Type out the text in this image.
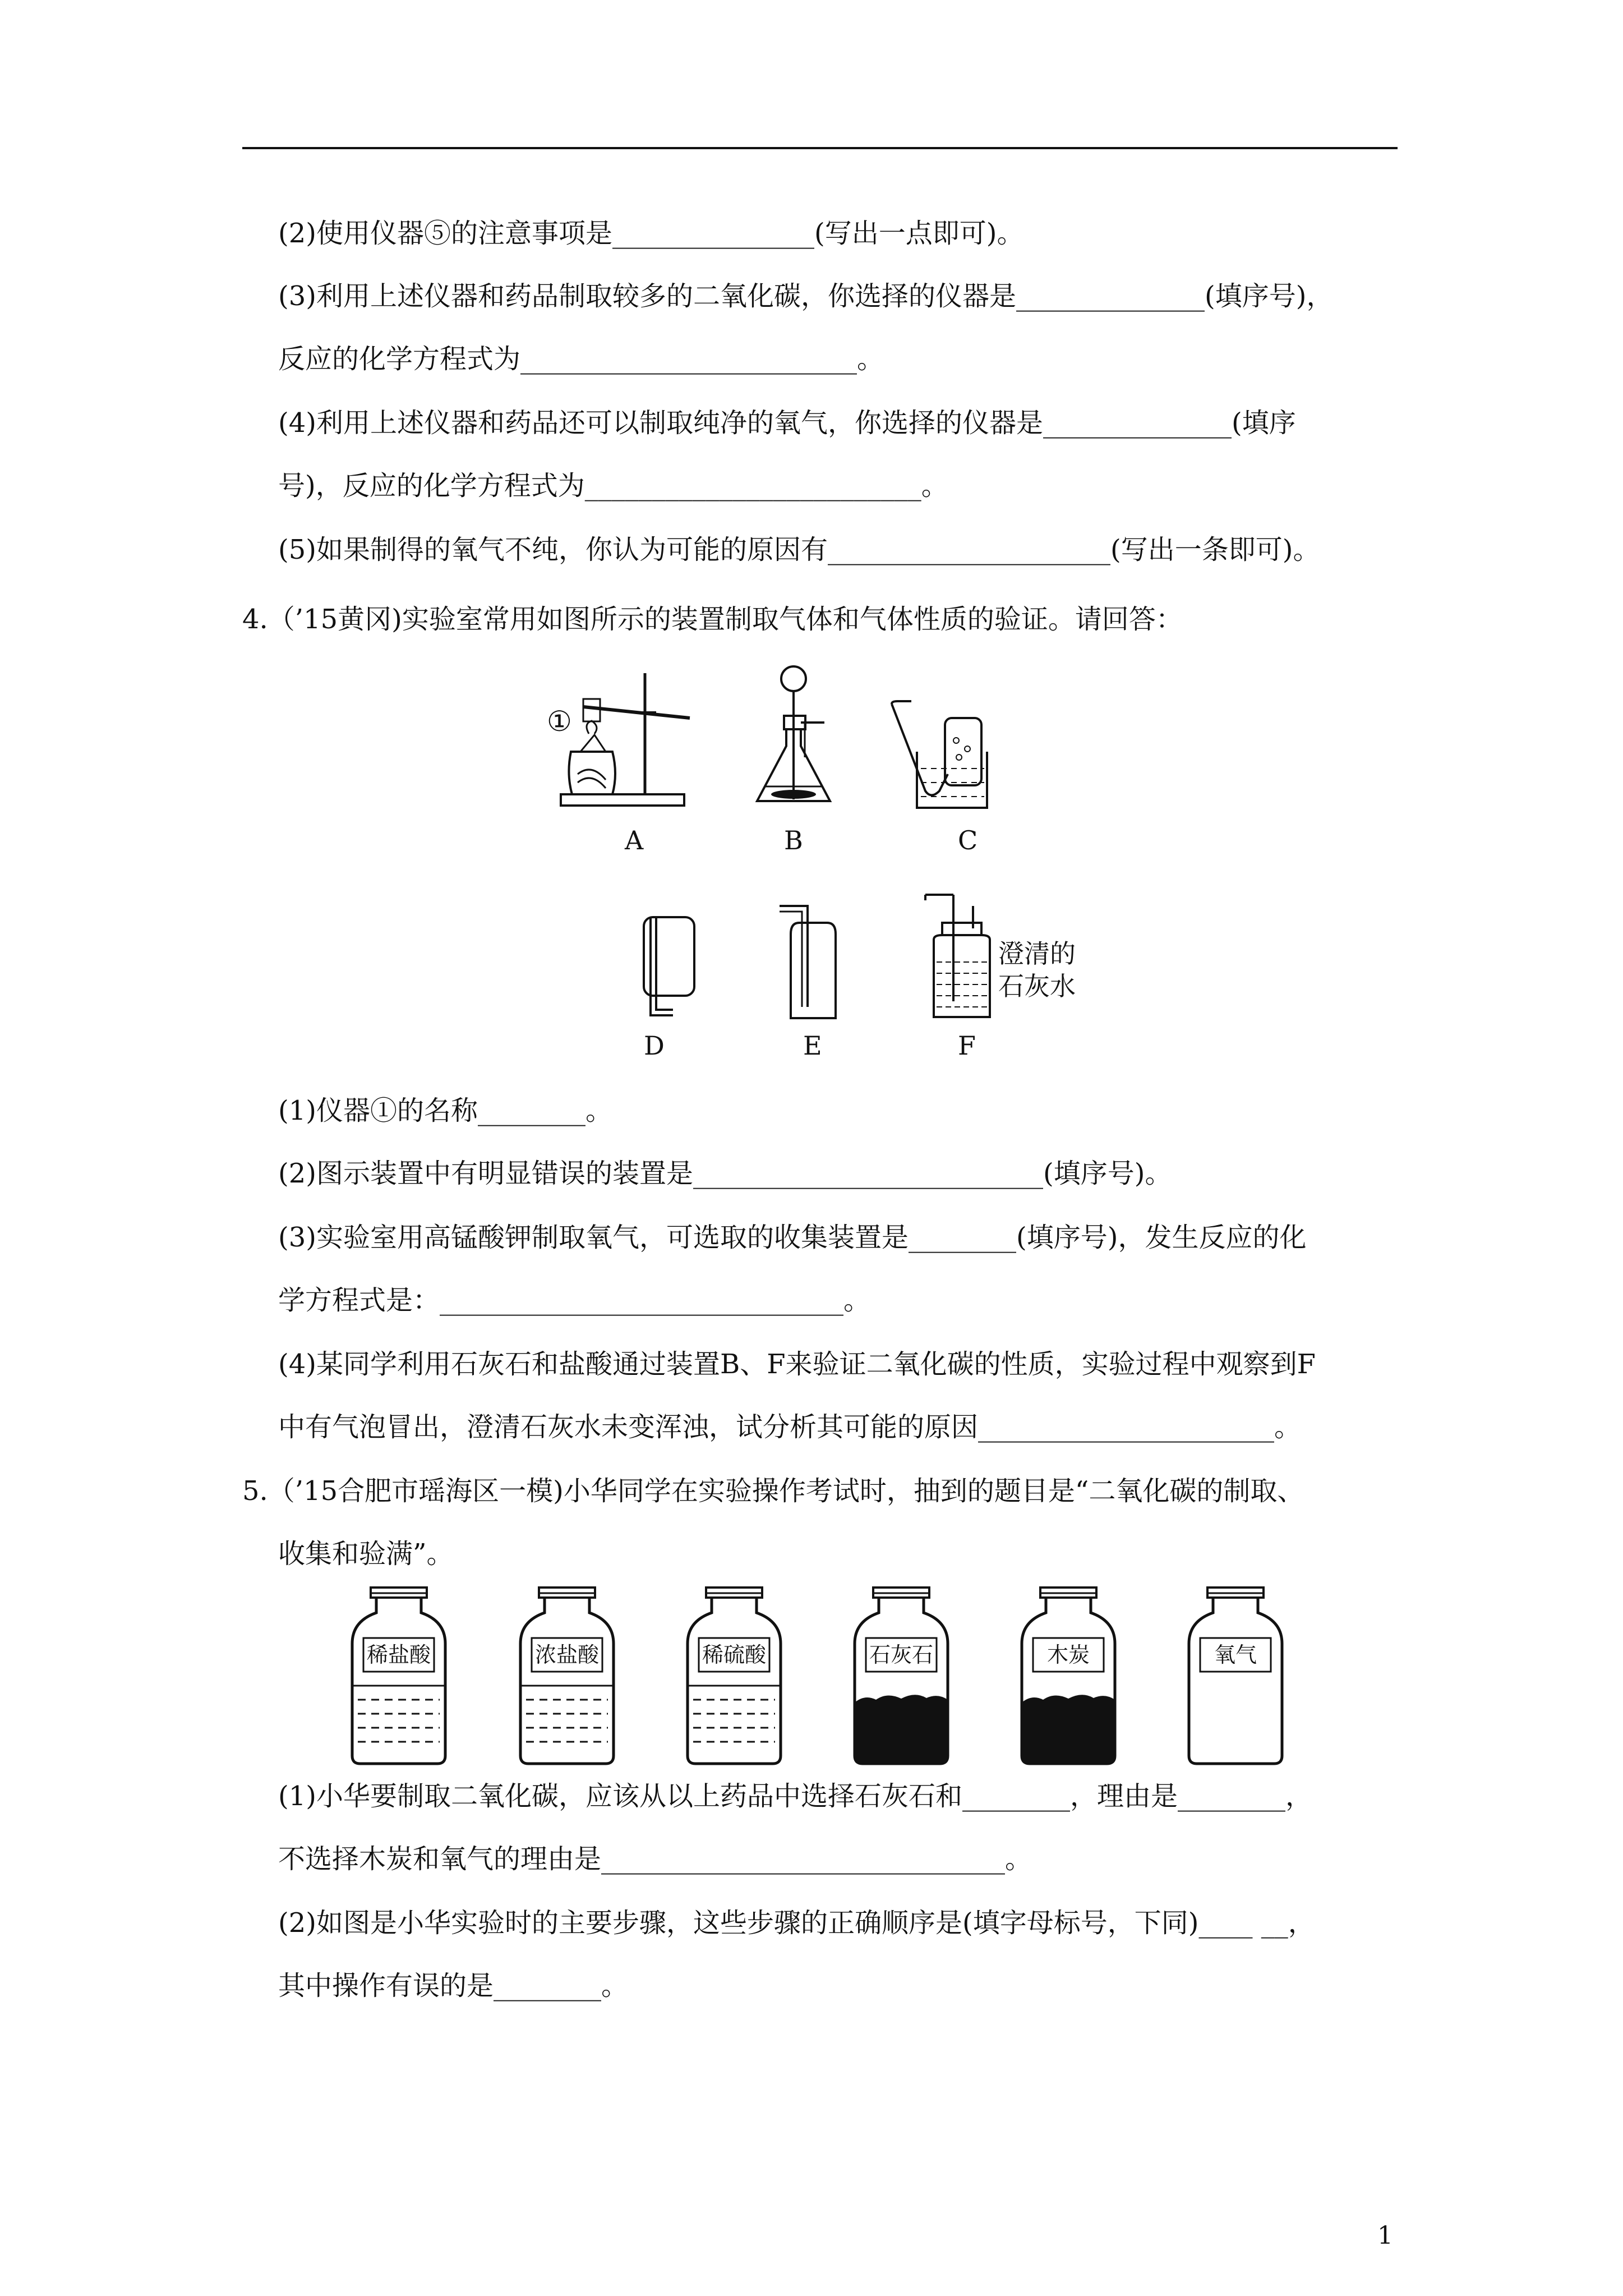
(2)使用仪器⑤的注意事项是_______________(写出一点即可)。
(3)利用上述仪器和药品制取较多的二氧化碳，你选择的仪器是______________(填序号)，
反应的化学方程式为_________________________。
(4)利用上述仪器和药品还可以制取纯净的氧气，你选择的仪器是______________(填序
号)，反应的化学方程式为_________________________。
(5)如果制得的氧气不纯，你认为可能的原因有_____________________(写出一条即可)。
4.（’15黄冈)实验室常用如图所示的装置制取气体和气体性质的验证。请回答：
①
A	B	C
澄清的
石灰水
D	E	F
(1)仪器①的名称________。
(2)图示装置中有明显错误的装置是__________________________(填序号)。
(3)实验室用高锰酸钾制取氧气，可选取的收集装置是________(填序号)，发生反应的化
学方程式是：______________________________。
(4)某同学利用石灰石和盐酸通过装置B、F来验证二氧化碳的性质，实验过程中观察到F
中有气泡冒出，澄清石灰水未变浑浊，试分析其可能的原因______________________。
5.（’15合肥市瑶海区一模)小华同学在实验操作考试时，抽到的题目是“二氧化碳的制取、
收集和验满”。
稀盐酸	浓盐酸	稀硫酸	石灰石	木炭	氧气
(1)小华要制取二氧化碳，应该从以上药品中选择石灰石和________，理由是________，
不选择木炭和氧气的理由是______________________________。
(2)如图是小华实验时的主要步骤，这些步骤的正确顺序是(填字母标号，下同)____ __，
其中操作有误的是________。
1
